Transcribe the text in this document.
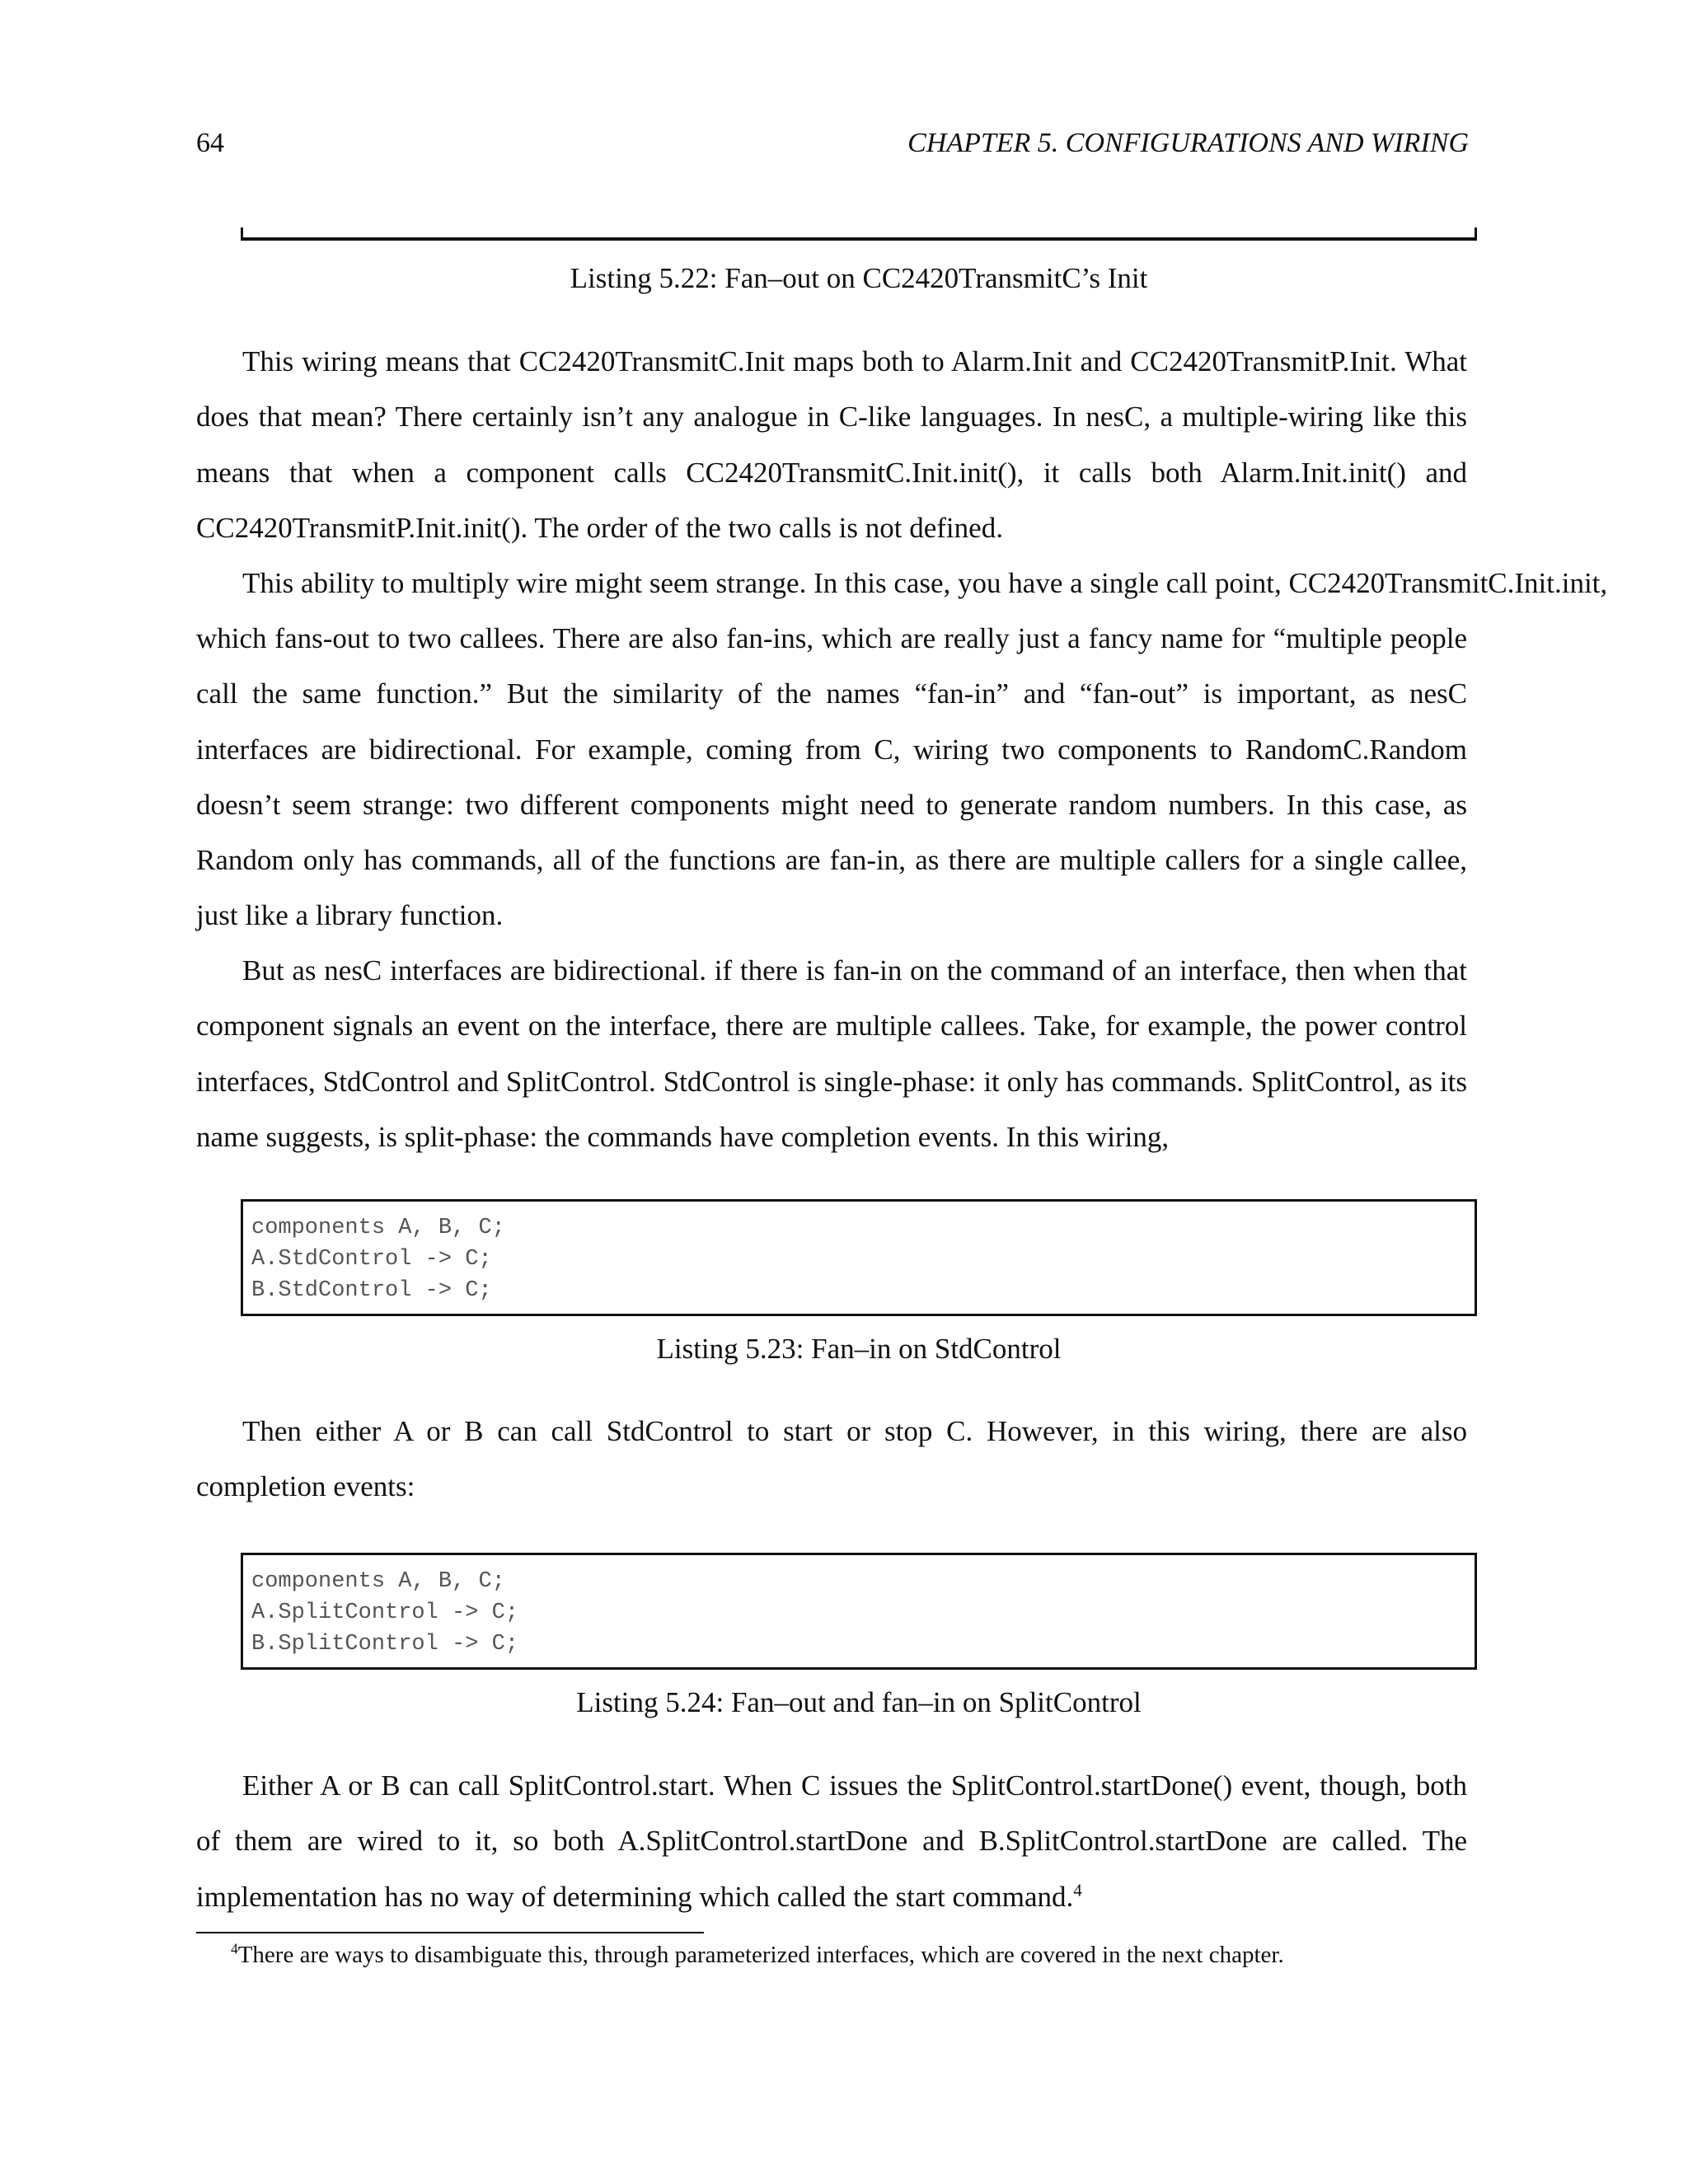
64	CHAPTER 5. CONFIGURATIONS AND WIRING
Listing 5.22: Fan–out on CC2420TransmitC’s Init

This wiring means that CC2420TransmitC.Init maps both to Alarm.Init and CC2420TransmitP.Init. What does that mean? There certainly isn’t any analogue in C-like languages. In nesC, a multiple-wiring like this means that when a component calls CC2420TransmitC.Init.init(), it calls both Alarm.Init.init() and CC2420TransmitP.Init.init(). The order of the two calls is not defined.

This ability to multiply wire might seem strange. In this case, you have a single call point, CC2420TransmitC.Init.init,

which fans-out to two callees. There are also fan-ins, which are really just a fancy name for “multiple people call the same function.” But the similarity of the names “fan-in” and “fan-out” is important, as nesC interfaces are bidirectional. For example, coming from C, wiring two components to RandomC.Random doesn’t seem strange: two different components might need to generate random numbers. In this case, as Random only has commands, all of the functions are fan-in, as there are multiple callers for a single callee, just like a library function.

But as nesC interfaces are bidirectional. if there is fan-in on the command of an interface, then when that component signals an event on the interface, there are multiple callees. Take, for example, the power control interfaces, StdControl and SplitControl. StdControl is single-phase: it only has commands. SplitControl, as its name suggests, is split-phase: the commands have completion events. In this wiring,

components A, B, C;
A.StdControl -> C;
B.StdControl -> C;
Listing 5.23: Fan–in on StdControl

Then either A or B can call StdControl to start or stop C. However, in this wiring, there are also completion events:

components A, B, C;
A.SplitControl -> C;
B.SplitControl -> C;
Listing 5.24: Fan–out and fan–in on SplitControl

Either A or B can call SplitControl.start. When C issues the SplitControl.startDone() event, though, both of them are wired to it, so both A.SplitControl.startDone and B.SplitControl.startDone are called. The implementation has no way of determining which called the start command.$^4$

$^4$There are ways to disambiguate this, through parameterized interfaces, which are covered in the next chapter.
